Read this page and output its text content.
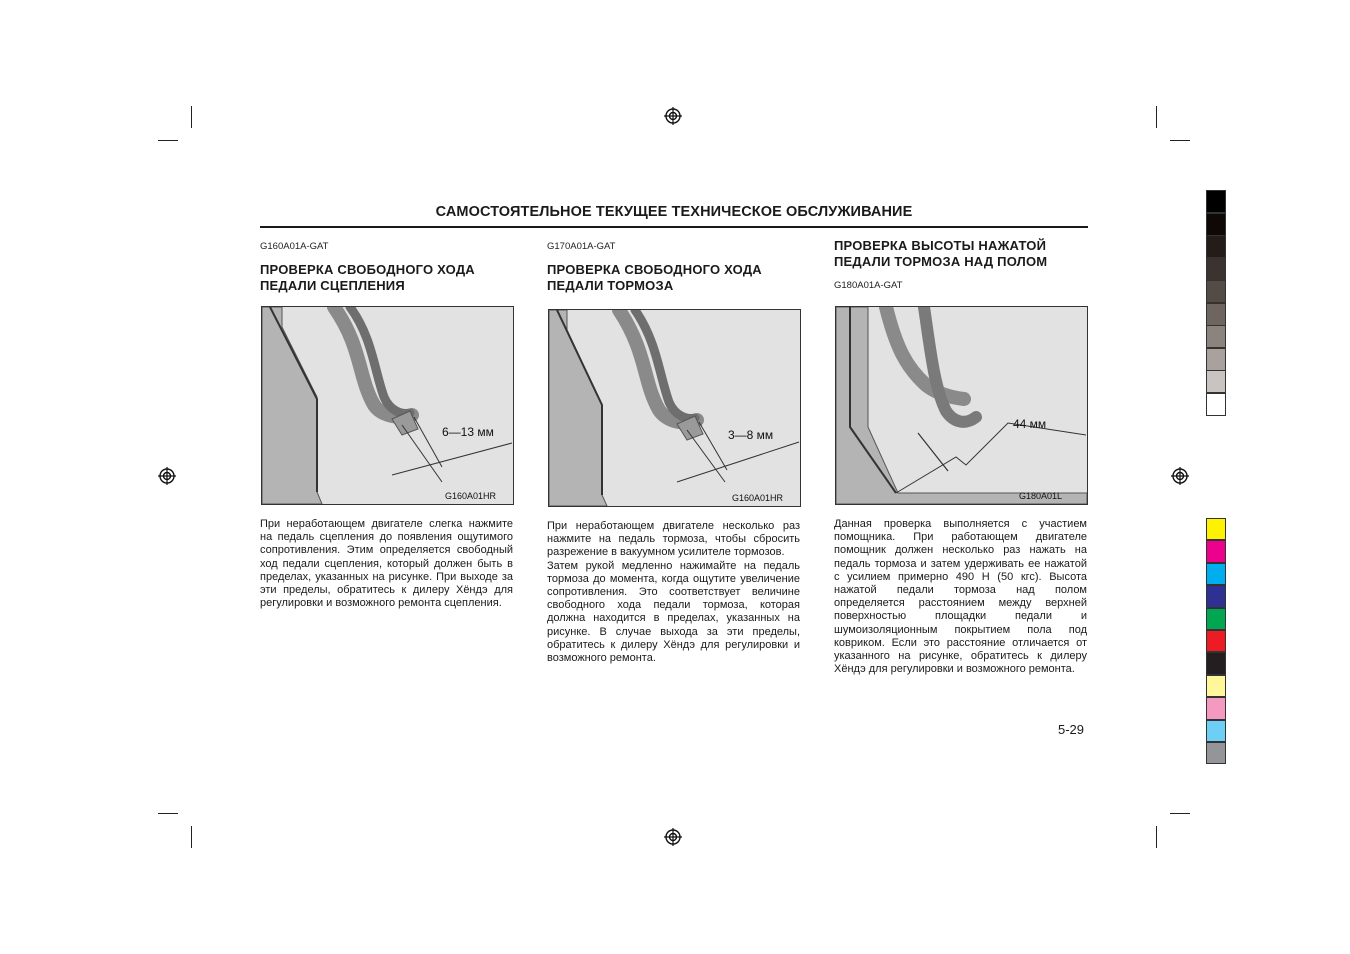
САМОСТОЯТЕЛЬНОЕ ТЕКУЩЕЕ ТЕХНИЧЕСКОЕ ОБСЛУЖИВАНИЕ
G160A01A-GAT
ПРОВЕРКА СВОБОДНОГО ХОДА
ПЕДАЛИ СЦЕПЛЕНИЯ
6—13 мм
G160A01HR
При неработающем двигателе слегка нажмите на педаль сцепления до появления ощутимого сопротивления. Этим определяется свободный ход педали сцепления, который должен быть в пределах, указанных на рисунке. При выходе за эти пределы, обратитесь к дилеру Хёндэ для регулировки и возможного ремонта сцепления.
G170A01A-GAT
ПРОВЕРКА СВОБОДНОГО ХОДА
ПЕДАЛИ ТОРМОЗА
3—8 мм
G160A01HR
При неработающем двигателе несколько раз нажмите на педаль тормоза, чтобы сбросить разрежение в вакуумном усилителе тормозов.
Затем рукой медленно нажимайте на педаль тормоза до момента, когда ощутите увеличение сопротивления. Это соответствует величине свободного хода педали тормоза, которая должна находится в пределах, указанных на рисунке. В случае выхода за эти пределы, обратитесь к дилеру Хёндэ для регулировки и возможного ремонта.
ПРОВЕРКА ВЫСОТЫ НАЖАТОЙ
ПЕДАЛИ ТОРМОЗА НАД ПОЛОМ
G180A01A-GAT
44 мм
G180A01L
Данная проверка выполняется с участием помощника. При работающем двигателе помощник должен несколько раз нажать на педаль тормоза и затем удерживать ее нажатой с усилием примерно 490 Н (50 кгс). Высота нажатой педали тормоза над полом определяется расстоянием между верхней поверхностью площадки педали и шумоизоляционным покрытием пола под ковриком. Если это расстояние отличается от указанного на рисунке, обратитесь к дилеру Хёндэ для регулировки и возможного ремонта.
5-29
